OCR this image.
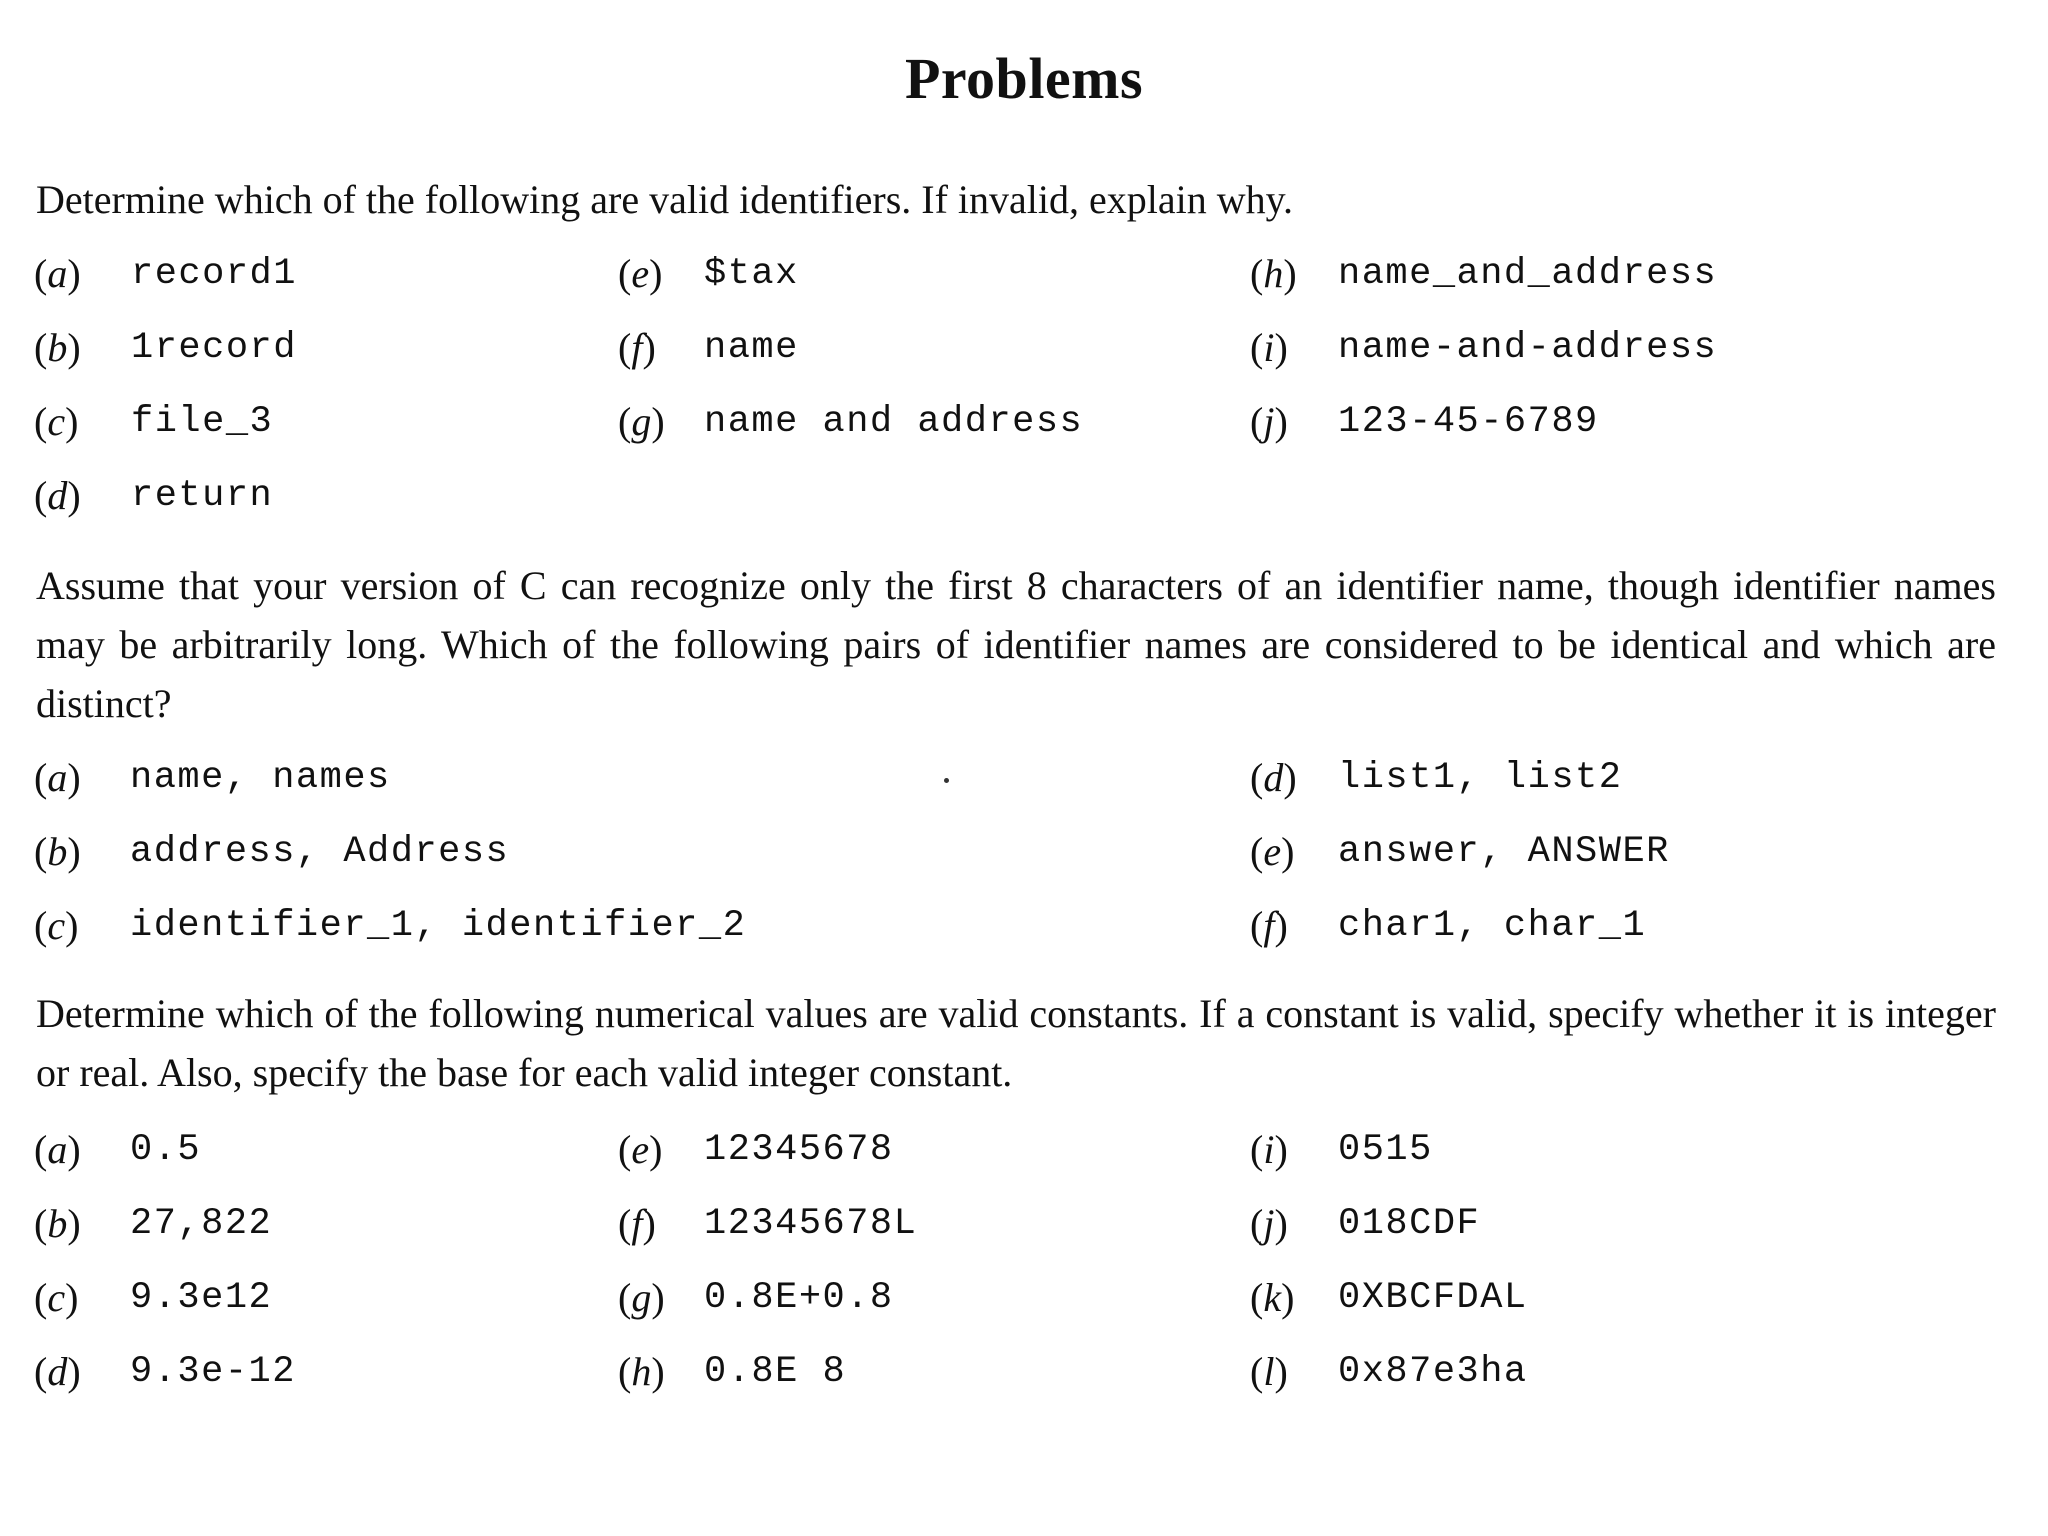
Problems
Determine which of the following are valid identifiers. If invalid, explain why.
(a) record1
(b) 1record
(c) file_3
(d) return
(e) $tax
(f) name
(g) name and address
(h) name_and_address
(i) name-and-address
(j) 123-45-6789
Assume that your version of C can recognize only the first 8 characters of an identifier name, though identifier names may be arbitrarily long. Which of the following pairs of identifier names are considered to be identical and which are distinct?
(a) name, names
(b) address, Address
(c) identifier_1, identifier_2
(d) list1, list2
(e) answer, ANSWER
(f) char1, char_1
Determine which of the following numerical values are valid constants. If a constant is valid, specify whether it is integer or real. Also, specify the base for each valid integer constant.
(a) 0.5
(b) 27,822
(c) 9.3e12
(d) 9.3e-12
(e) 12345678
(f) 12345678L
(g) 0.8E+0.8
(h) 0.8E 8
(i) 0515
(j) 018CDF
(k) 0XBCFDAL
(l) 0x87e3ha
